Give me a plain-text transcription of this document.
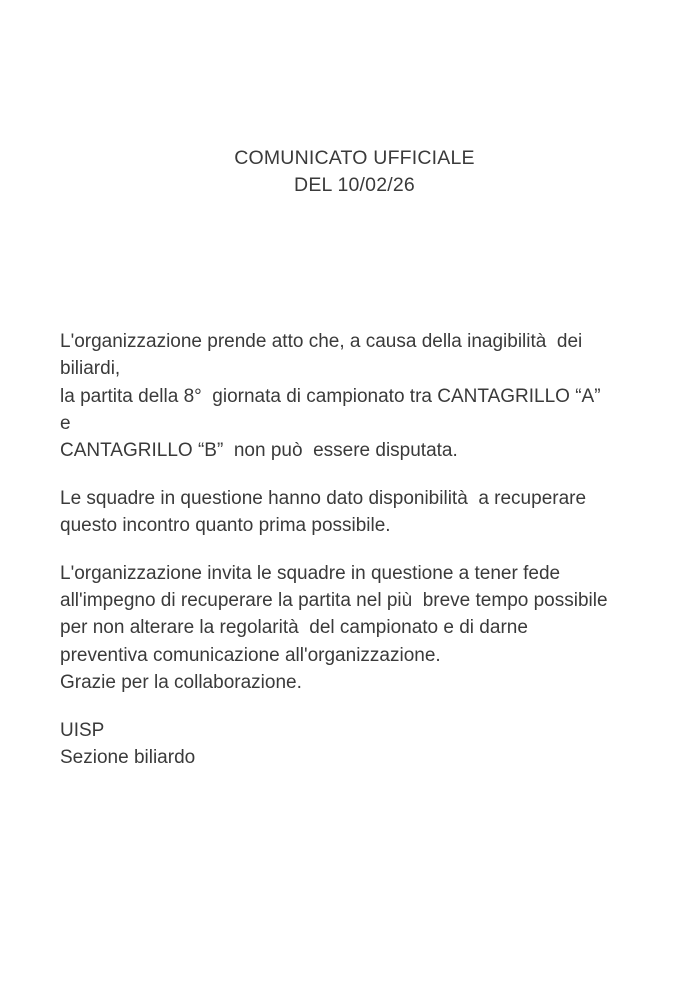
COMUNICATO UFFICIALE
DEL 10/02/26
L'organizzazione prende atto che, a causa della inagibilità  dei
biliardi,
la partita della 8°  giornata di campionato tra CANTAGRILLO “A”
e
CANTAGRILLO “B”  non può  essere disputata.
Le squadre in questione hanno dato disponibilità  a recuperare
questo incontro quanto prima possibile.
L'organizzazione invita le squadre in questione a tener fede
all'impegno di recuperare la partita nel più  breve tempo possibile
per non alterare la regolarità  del campionato e di darne
preventiva comunicazione all'organizzazione.
Grazie per la collaborazione.
UISP
Sezione biliardo
